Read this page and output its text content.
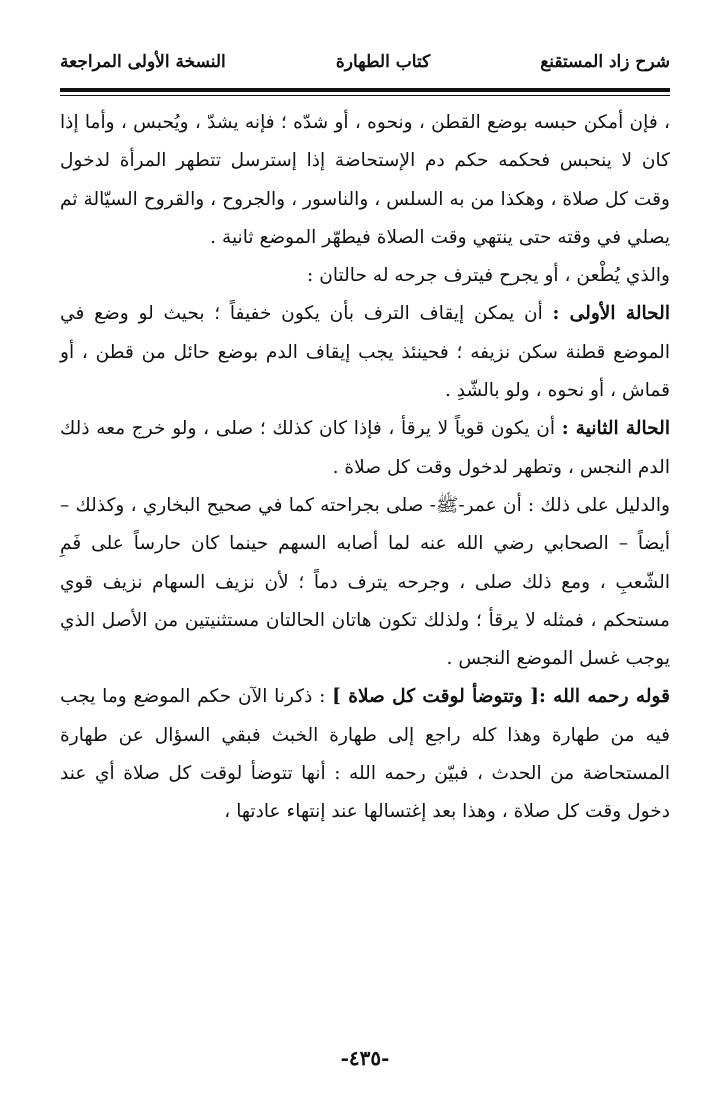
شرح زاد المستقنع
كتاب الطهارة
النسخة الأولى المراجعة

، فإن أمكن حبسه بوضع القطن ، ونحوه ، أو شدّه ؛ فإنه يشدّ ، ويُحبس ، وأما إذا كان لا ينحبس فحكمه حكم دم الإستحاضة إذا إسترسل تتطهر المرأة لدخول وقت كل صلاة ، وهكذا من به السلس ، والناسور ، والجروح ، والقروح السيّالة ثم يصلي في وقته حتى ينتهي وقت الصلاة فيطهّر الموضع ثانية .

والذي يُطْعن ، أو يجرح فيترف جرحه له حالتان :

الحالة الأولى : أن يمكن إيقاف الترف بأن يكون خفيفاً ؛ بحيث لو وضع في الموضع قطنة سكن نزيفه ؛ فحينئذ يجب إيقاف الدم بوضع حائل من قطن ، أو قماش ، أو نحوه ، ولو بالشّدِ .

الحالة الثانية : أن يكون قوياً لا يرقأ ، فإذا كان كذلك ؛ صلى ، ولو خرج معه ذلك الدم النجس ، وتطهر لدخول وقت كل صلاة .

والدليل على ذلك : أن عمر-ﷺ- صلى بجراحته كما في صحيح البخاري ، وكذلك – أيضاً – الصحابي رضي الله عنه لما أصابه السهم حينما كان حارساً على فَمِ الشّعبِ ، ومع ذلك صلى ، وجرحه يترف دماً ؛ لأن نزيف السهام نزيف قوي مستحكم ، فمثله لا يرقأ ؛ ولذلك تكون هاتان الحالتان مستثنيتين من الأصل الذي يوجب غسل الموضع النجس .

قوله رحمه الله :[ وتتوضأ لوقت كل صلاة ] : ذكرنا الآن حكم الموضع وما يجب فيه من طهارة وهذا كله راجع إلى طهارة الخبث فبقي السؤال عن طهارة المستحاضة من الحدث ، فبيّن رحمه الله : أنها تتوضأ لوقت كل صلاة أي عند دخول وقت كل صلاة ، وهذا بعد إغتسالها عند إنتهاء عادتها ،

-٤٣٥-
